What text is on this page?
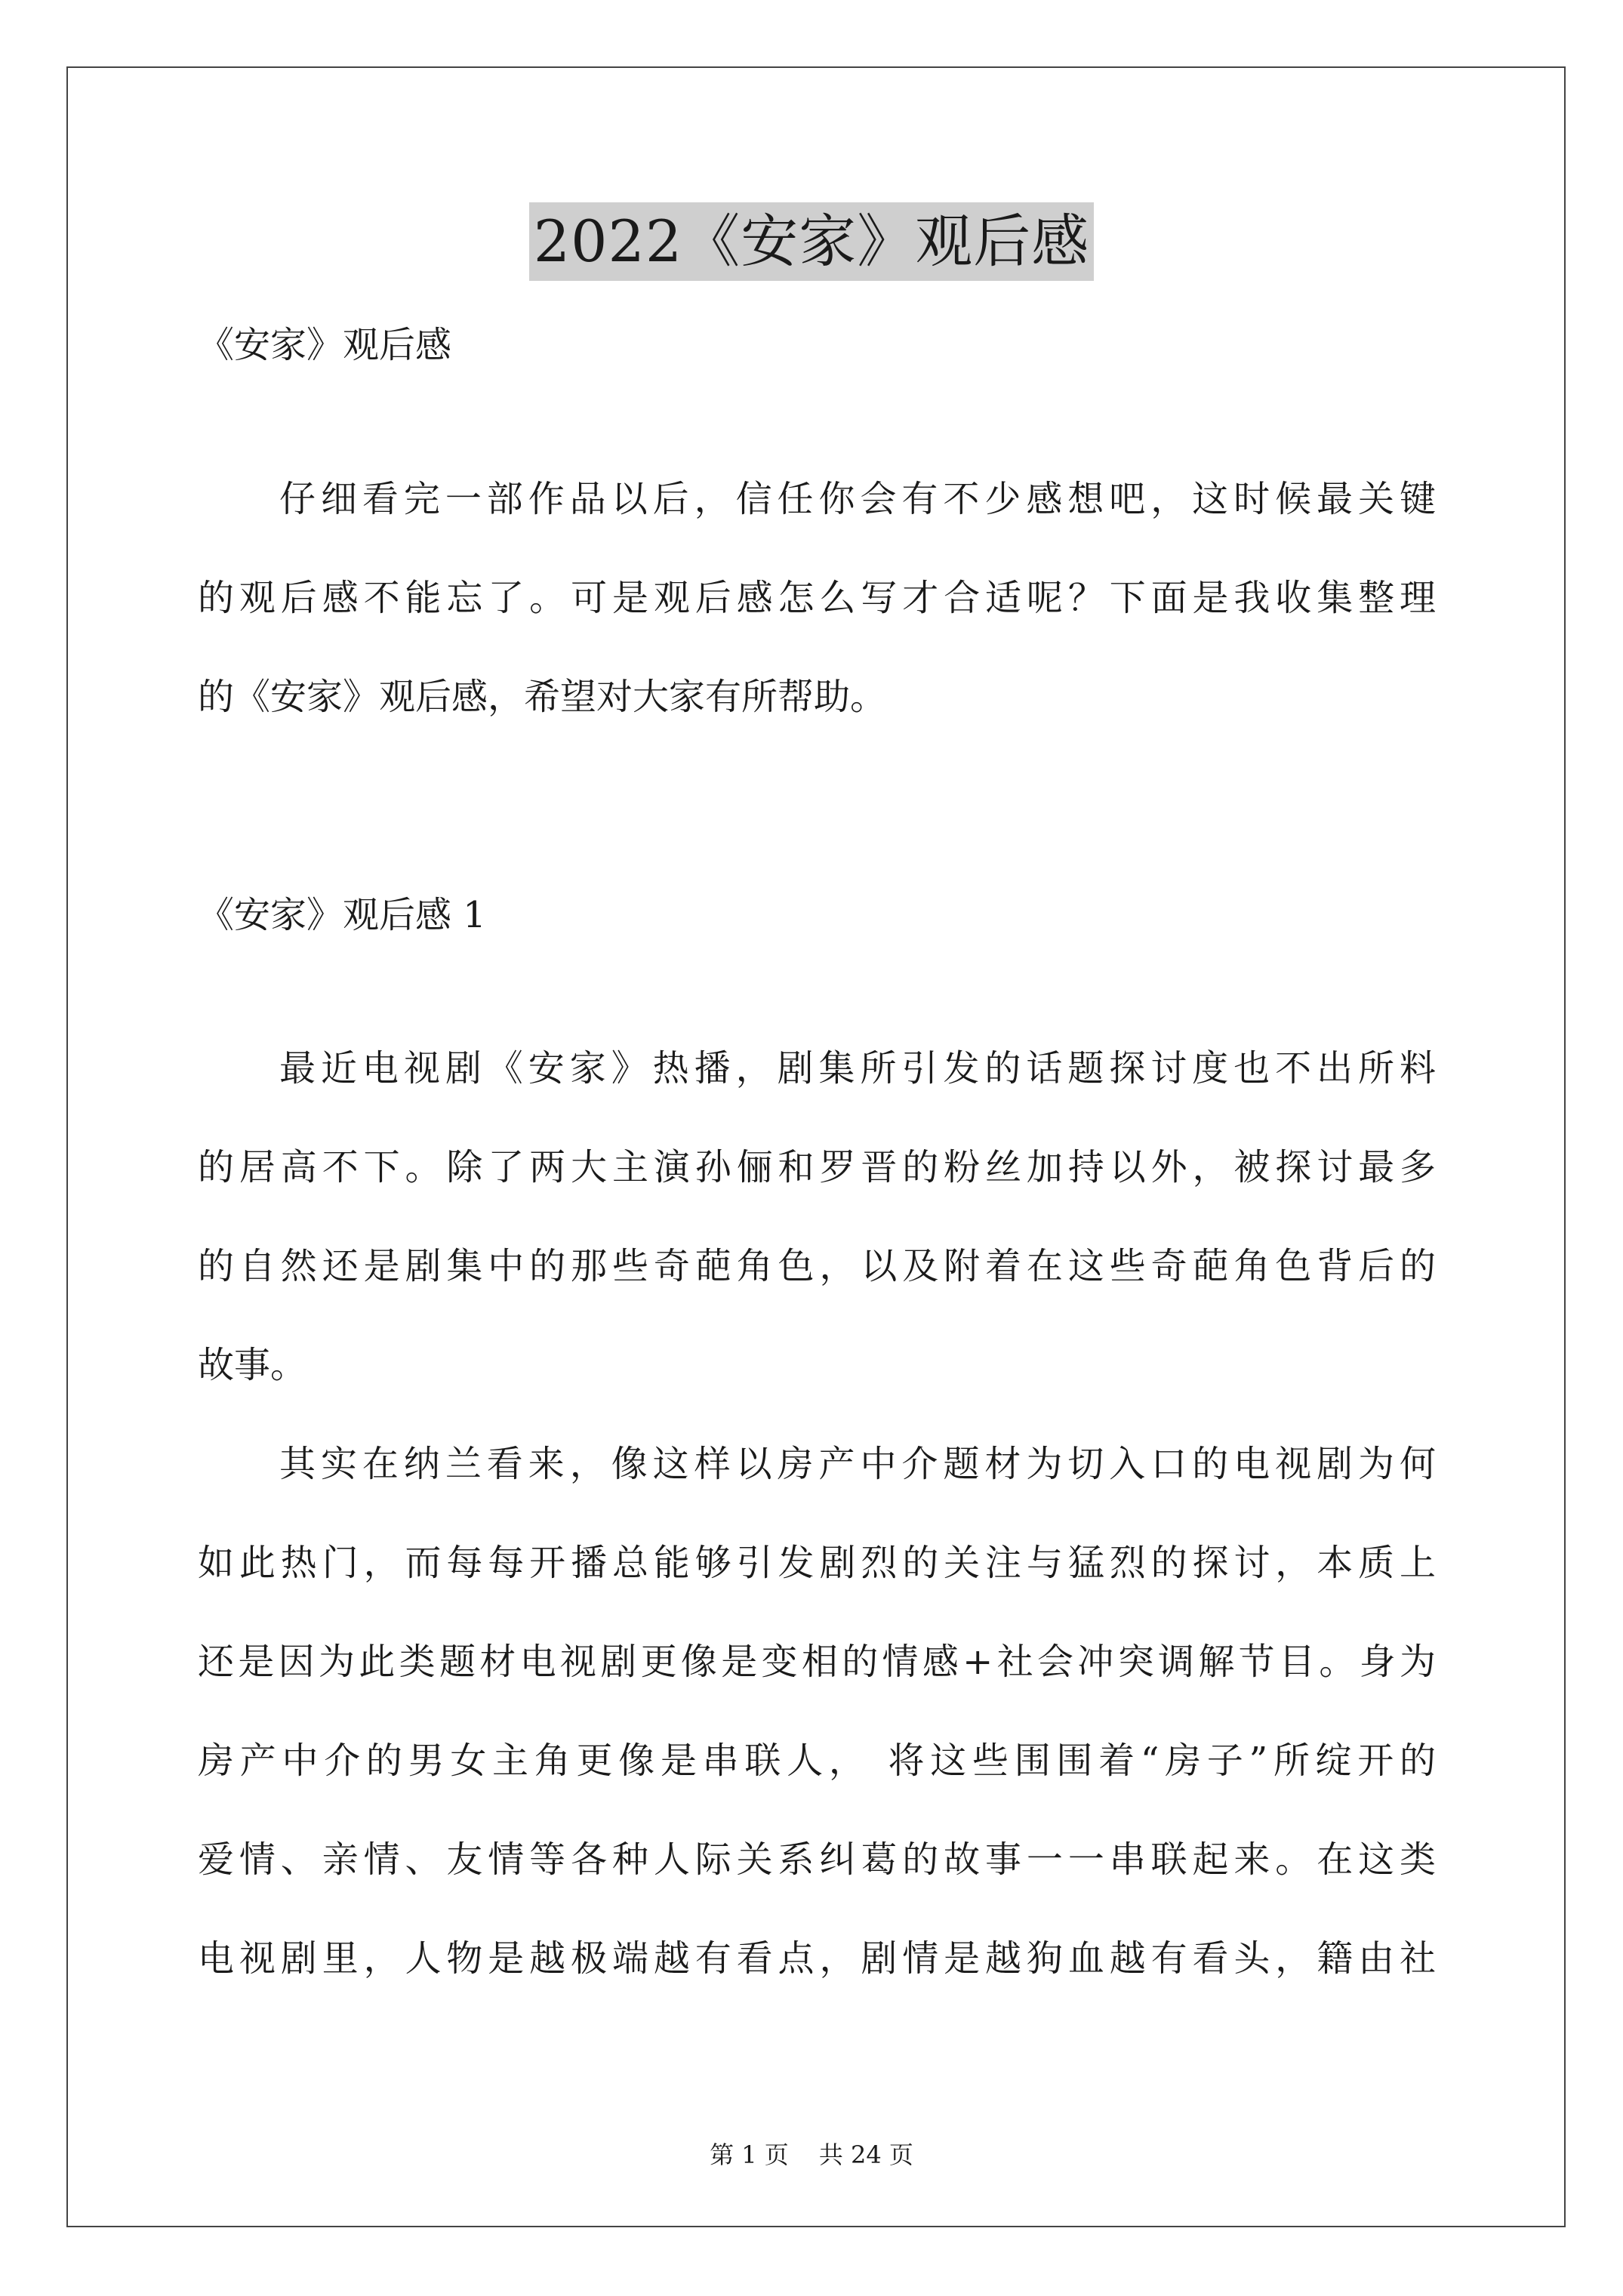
2022《安家》观后感
《安家》观后感
仔细看完一部作品以后，信任你会有不少感想吧，这时候最关键
的观后感不能忘了。可是观后感怎么写才合适呢？下面是我收集整理
的《安家》观后感，希望对大家有所帮助。
《安家》观后感 1
最近电视剧《安家》热播，剧集所引发的话题探讨度也不出所料
的居高不下。除了两大主演孙俪和罗晋的粉丝加持以外，被探讨最多
的自然还是剧集中的那些奇葩角色，以及附着在这些奇葩角色背后的
故事。
其实在纳兰看来，像这样以房产中介题材为切入口的电视剧为何
如此热门，而每每开播总能够引发剧烈的关注与猛烈的探讨，本质上
还是因为此类题材电视剧更像是变相的情感+社会冲突调解节目。身为
房产中介的男女主角更像是串联人， 将这些围围着“房子”所绽开的
爱情、亲情、友情等各种人际关系纠葛的故事一一串联起来。在这类
电视剧里，人物是越极端越有看点，剧情是越狗血越有看头，籍由社
第 1 页 共 24 页
